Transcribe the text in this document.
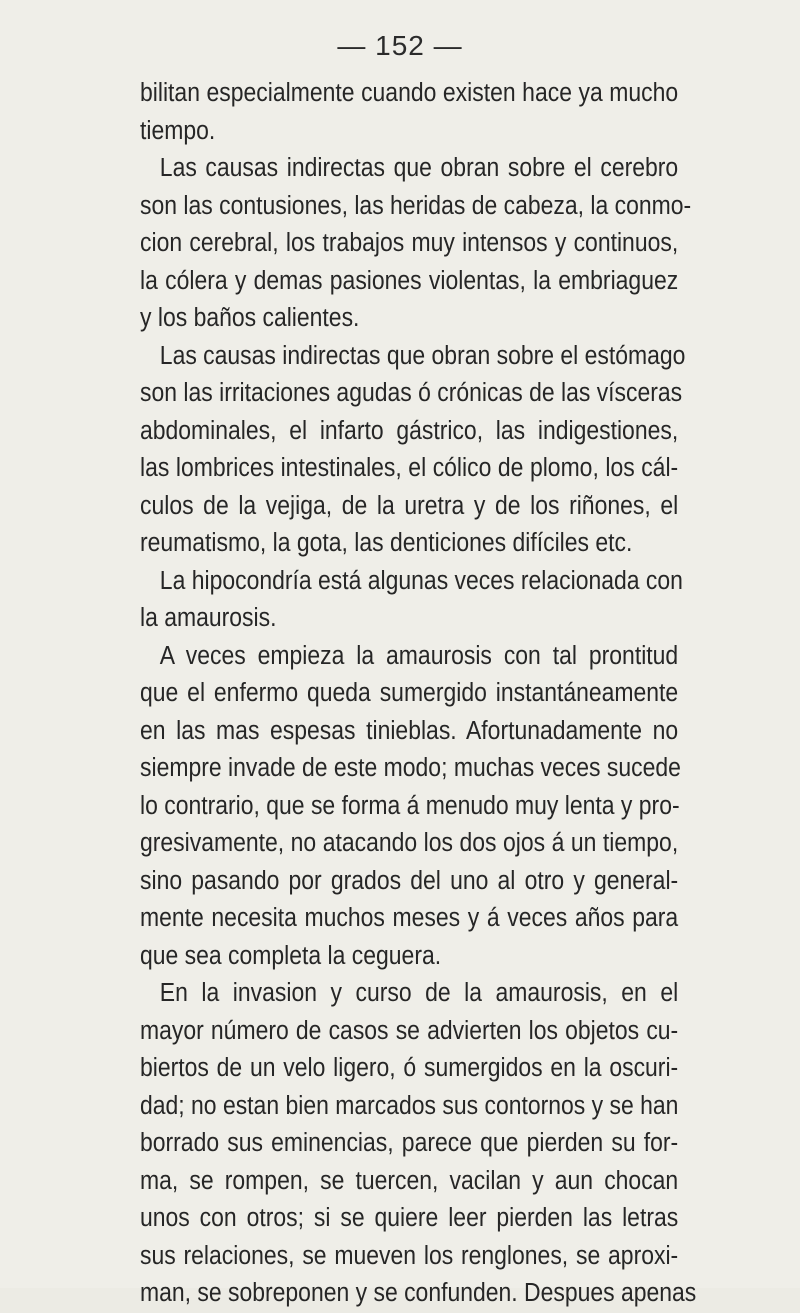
— 152 —
bilitan especialmente cuando existen hace ya mucho
tiempo.
Las causas indirectas que obran sobre el cerebro
son las contusiones, las heridas de cabeza, la conmo-
cion cerebral, los trabajos muy intensos y continuos,
la cólera y demas pasiones violentas, la embriaguez
y los baños calientes.
Las causas indirectas que obran sobre el estómago
son las irritaciones agudas ó crónicas de las vísceras
abdominales, el infarto gástrico, las indigestiones,
las lombrices intestinales, el cólico de plomo, los cál-
culos de la vejiga, de la uretra y de los riñones, el
reumatismo, la gota, las denticiones difíciles etc.
La hipocondría está algunas veces relacionada con
la amaurosis.
A veces empieza la amaurosis con tal prontitud
que el enfermo queda sumergido instantáneamente
en las mas espesas tinieblas. Afortunadamente no
siempre invade de este modo; muchas veces sucede
lo contrario, que se forma á menudo muy lenta y pro-
gresivamente, no atacando los dos ojos á un tiempo,
sino pasando por grados del uno al otro y general-
mente necesita muchos meses y á veces años para
que sea completa la ceguera.
En la invasion y curso de la amaurosis, en el
mayor número de casos se advierten los objetos cu-
biertos de un velo ligero, ó sumergidos en la oscuri-
dad; no estan bien marcados sus contornos y se han
borrado sus eminencias, parece que pierden su for-
ma, se rompen, se tuercen, vacilan y aun chocan
unos con otros; si se quiere leer pierden las letras
sus relaciones, se mueven los renglones, se aproxi-
man, se sobreponen y se confunden. Despues apenas
